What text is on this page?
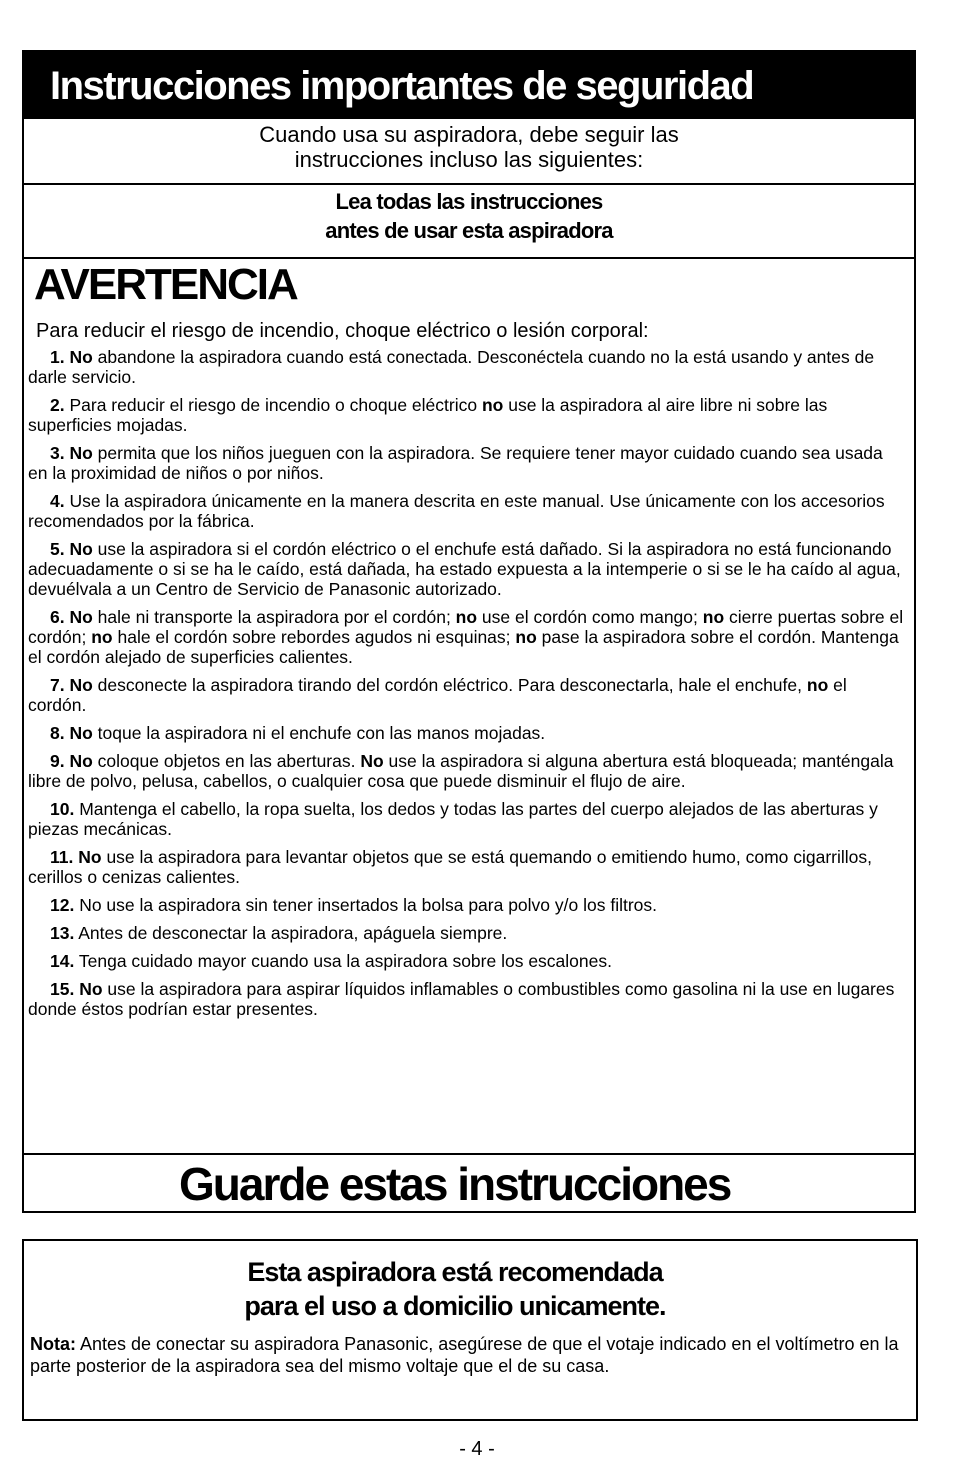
Instrucciones importantes de seguridad
Cuando usa su aspiradora, debe seguir las
instrucciones incluso las siguientes:
Lea todas las instrucciones
antes de usar esta aspiradora
AVERTENCIA
Para reducir el riesgo de incendio, choque eléctrico o lesión corporal:
1. No abandone la aspiradora cuando está conectada. Desconéctela cuando no la está usando y antes de darle servicio.
2. Para reducir el riesgo de incendio o choque eléctrico no use la aspiradora al aire libre ni sobre las superficies mojadas.
3. No permita que los niños jueguen con la aspiradora. Se requiere tener mayor cuidado cuando sea usada en la proximidad de niños o por niños.
4. Use la aspiradora únicamente en la manera descrita en este manual. Use únicamente con los accesorios recomendados por la fábrica.
5. No use la aspiradora si el cordón eléctrico o el enchufe está dañado. Si la aspiradora no está funcionando adecuadamente o si se ha le caído, está dañada, ha estado expuesta a la intemperie o si se le ha caído al agua, devuélvala a un Centro de Servicio de Panasonic autorizado.
6. No hale ni transporte la aspiradora por el cordón; no use el cordón como mango; no cierre puertas sobre el cordón; no hale el cordón sobre rebordes agudos ni esquinas; no pase la aspiradora sobre el cordón. Mantenga el cordón alejado de superficies calientes.
7. No desconecte la aspiradora tirando del cordón eléctrico. Para desconectarla, hale el enchufe, no el cordón.
8. No toque la aspiradora ni el enchufe con las manos mojadas.
9. No coloque objetos en las aberturas. No use la aspiradora si alguna abertura está bloqueada; manténgala libre de polvo, pelusa, cabellos, o cualquier cosa que puede disminuir el flujo de aire.
10. Mantenga el cabello, la ropa suelta, los dedos y todas las partes del cuerpo alejados de las aberturas y piezas mecánicas.
11. No use la aspiradora para levantar objetos que se está quemando o emitiendo humo, como cigarrillos, cerillos o cenizas calientes.
12. No use la aspiradora sin tener insertados la bolsa para polvo y/o los filtros.
13. Antes de desconectar la aspiradora, apáguela siempre.
14. Tenga cuidado mayor cuando usa la aspiradora sobre los escalones.
15. No use la aspiradora para aspirar líquidos inflamables o combustibles como gasolina ni la use en lugares donde éstos podrían estar presentes.
Guarde estas instrucciones
Esta aspiradora está recomendada
para el uso a domicilio unicamente.
Nota: Antes de conectar su aspiradora Panasonic, asegúrese de que el votaje indicado en el voltímetro en la parte posterior de la aspiradora sea del mismo voltaje que el de su casa.
- 4 -
